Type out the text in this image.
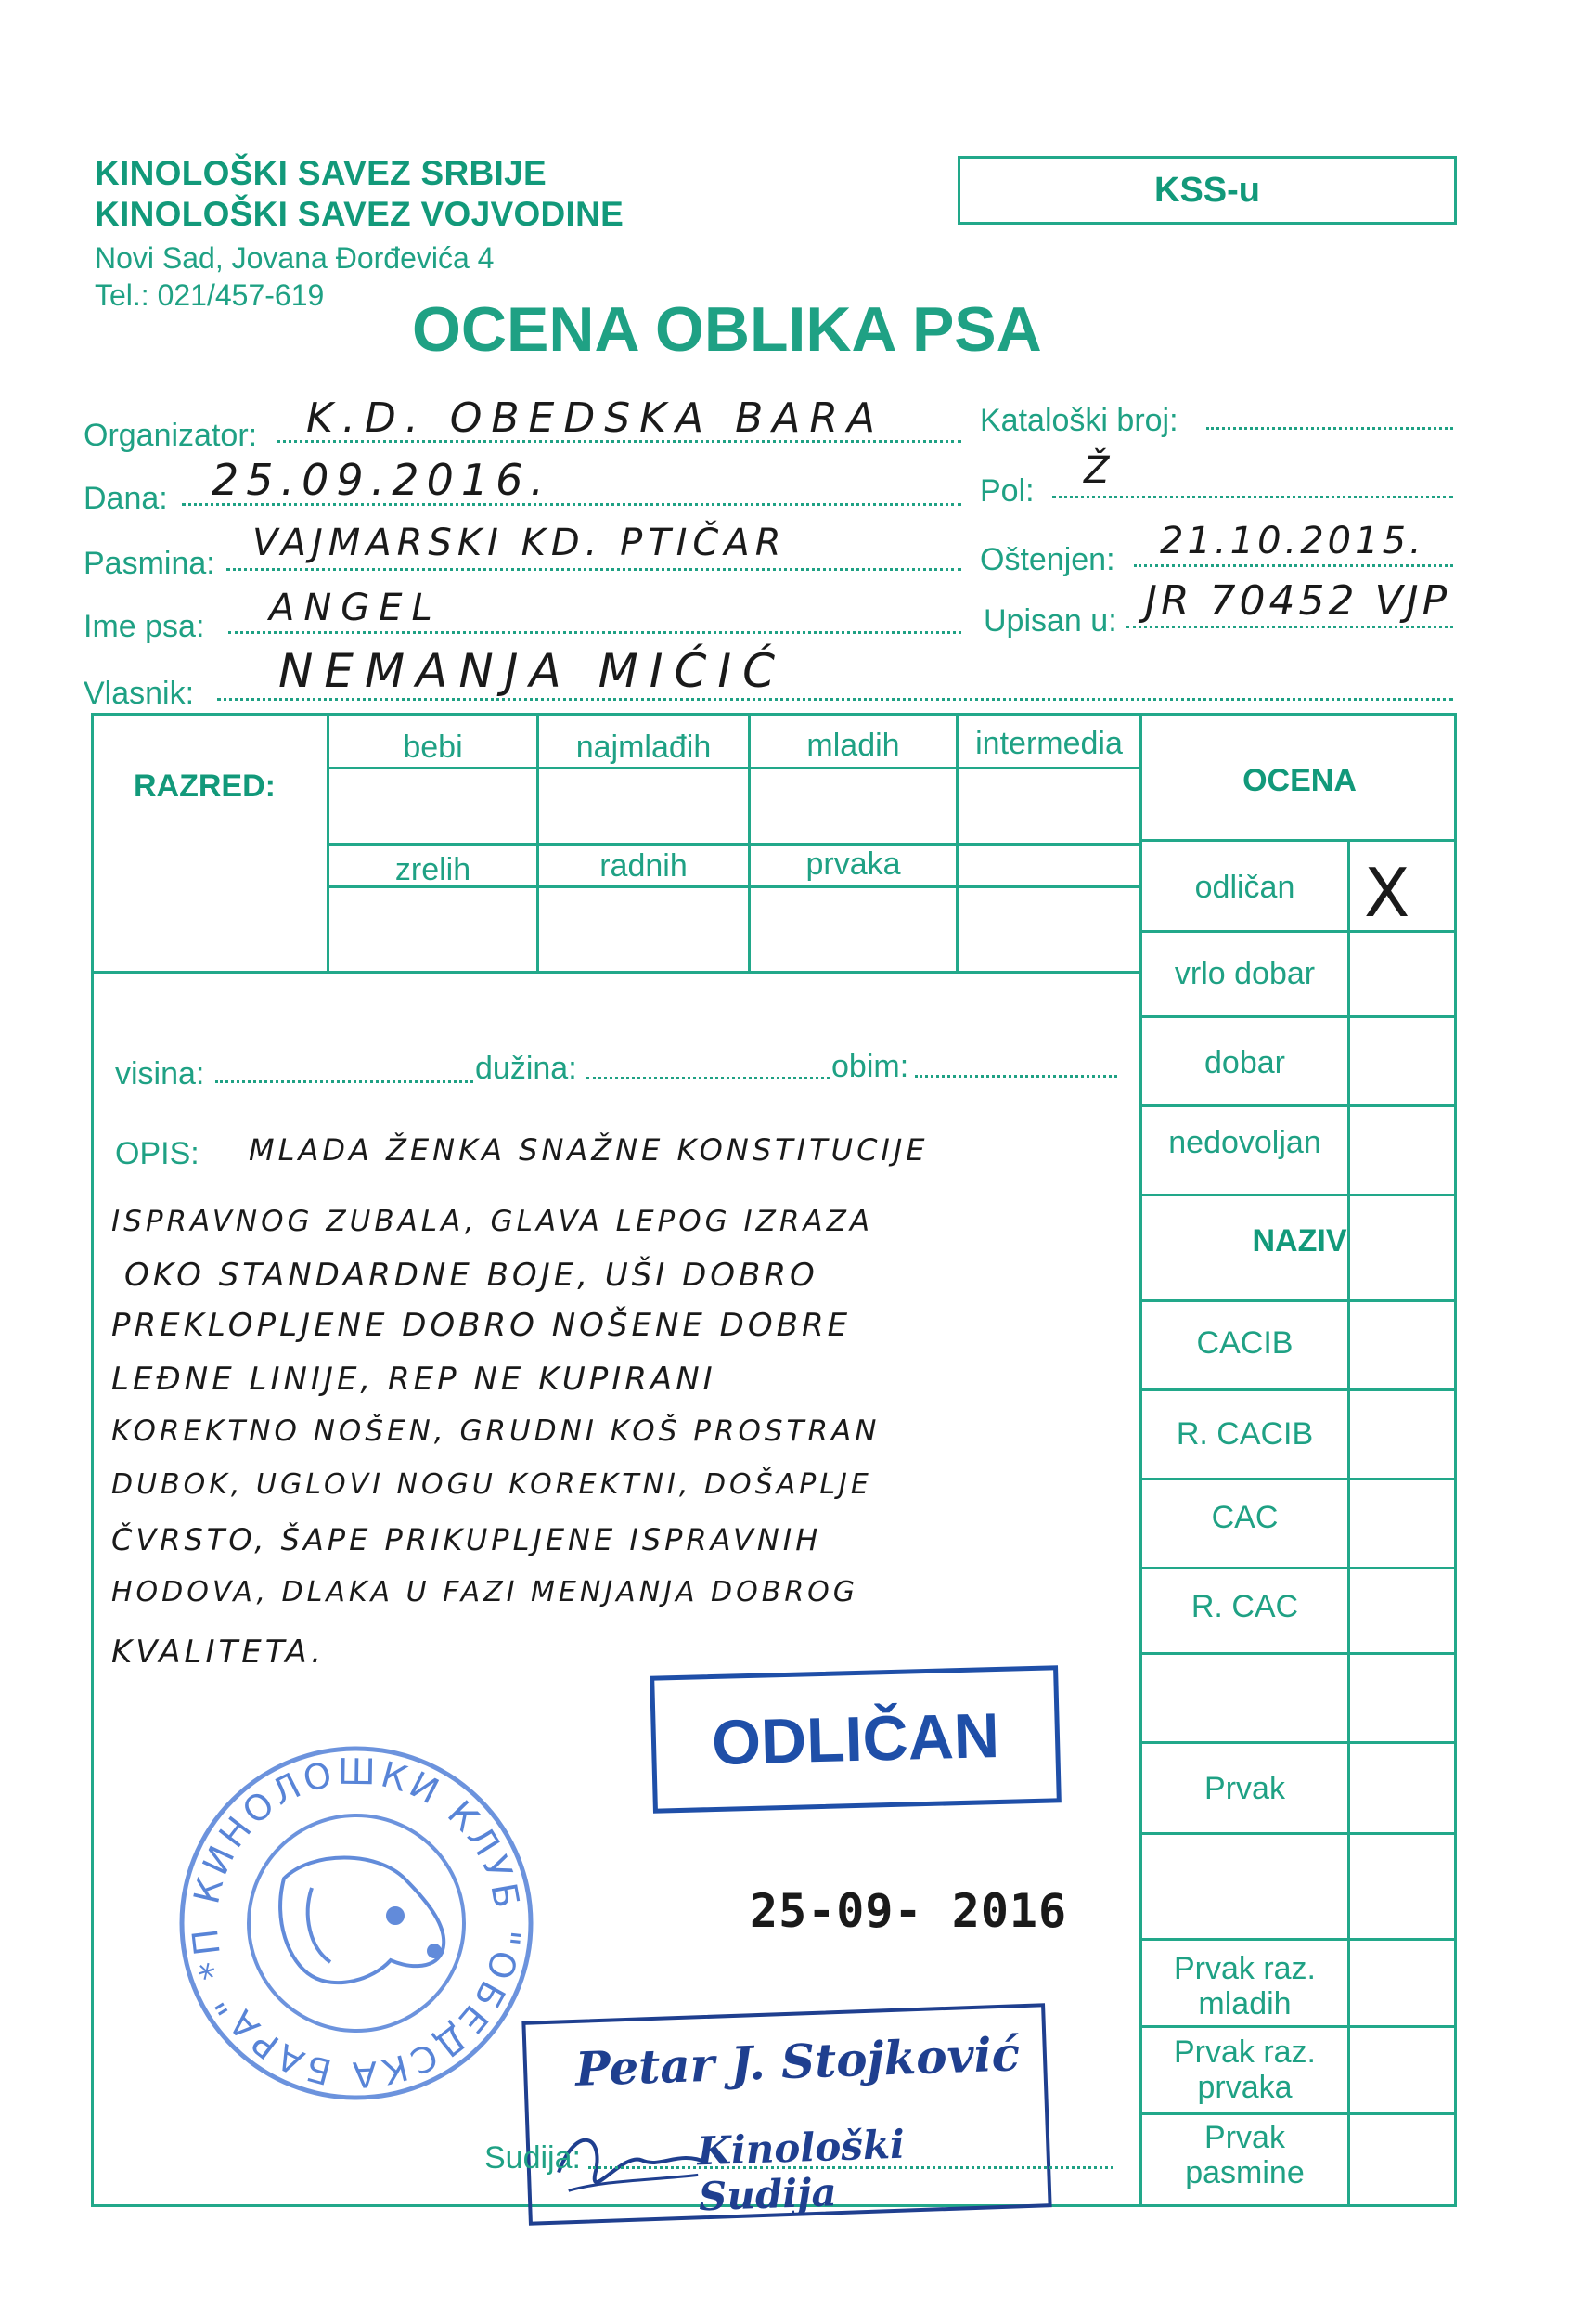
KINOLOŠKI SAVEZ SRBIJE
KINOLOŠKI SAVEZ VOJVODINE
Novi Sad, Jovana Đorđevića 4
Tel.: 021/457-619
KSS-u
OCENA OBLIKA PSA
Organizator: K.D. OBEDSKA BARA
Dana: 25.09.2016.
Pasmina: VAJMARSKI KD. PTIČAR
Ime psa: ANGEL
Vlasnik: NEMANJA MIĆIĆ
Kataloški broj:
Pol: Ž
Oštenjen: 21.10.2015.
Upisan u: JR 70452 VJP
RAZRED:
bebi	najmlađih	mladih	intermedia
zrelih	radnih	prvaka
OCENA
odličan	X
vrlo dobar
dobar
nedovoljan
NAZIV
CACIB
R. CACIB
CAC
R. CAC
Prvak
Prvak raz. mladih
Prvak raz. prvaka
Prvak pasmine
visina:	dužina:	obim:
OPIS: MLADA ŽENKA SNAŽNE KONSTITUCIJE
ISPRAVNOG ZUBALA, GLAVA LEPOG IZRAZA
OKO STANDARDNE BOJE, UŠI DOBRO
PREKLOPLJENE DOBRO NOŠENE DOBRE
LEĐNE LINIJE, REP NE KUPIRANI
KOREKTNO NOŠEN, GRUDNI KOŠ PROSTRAN
DUBOK, UGLOVI NOGU KOREKTNI, DOŠAPLJE
ČVRSTO, ŠAPE PRIKUPLJENE ISPRAVNIH
HODOVA, DLAKA U FAZI MENJANJA DOBROG
KVALITETA.
ODLIČAN
25-09- 2016
КИНОЛОШКИ КЛУБ "ОБЕДСКА БАРА" *П
Petar J. Stojković
Kinološki Sudija
Sudija:
